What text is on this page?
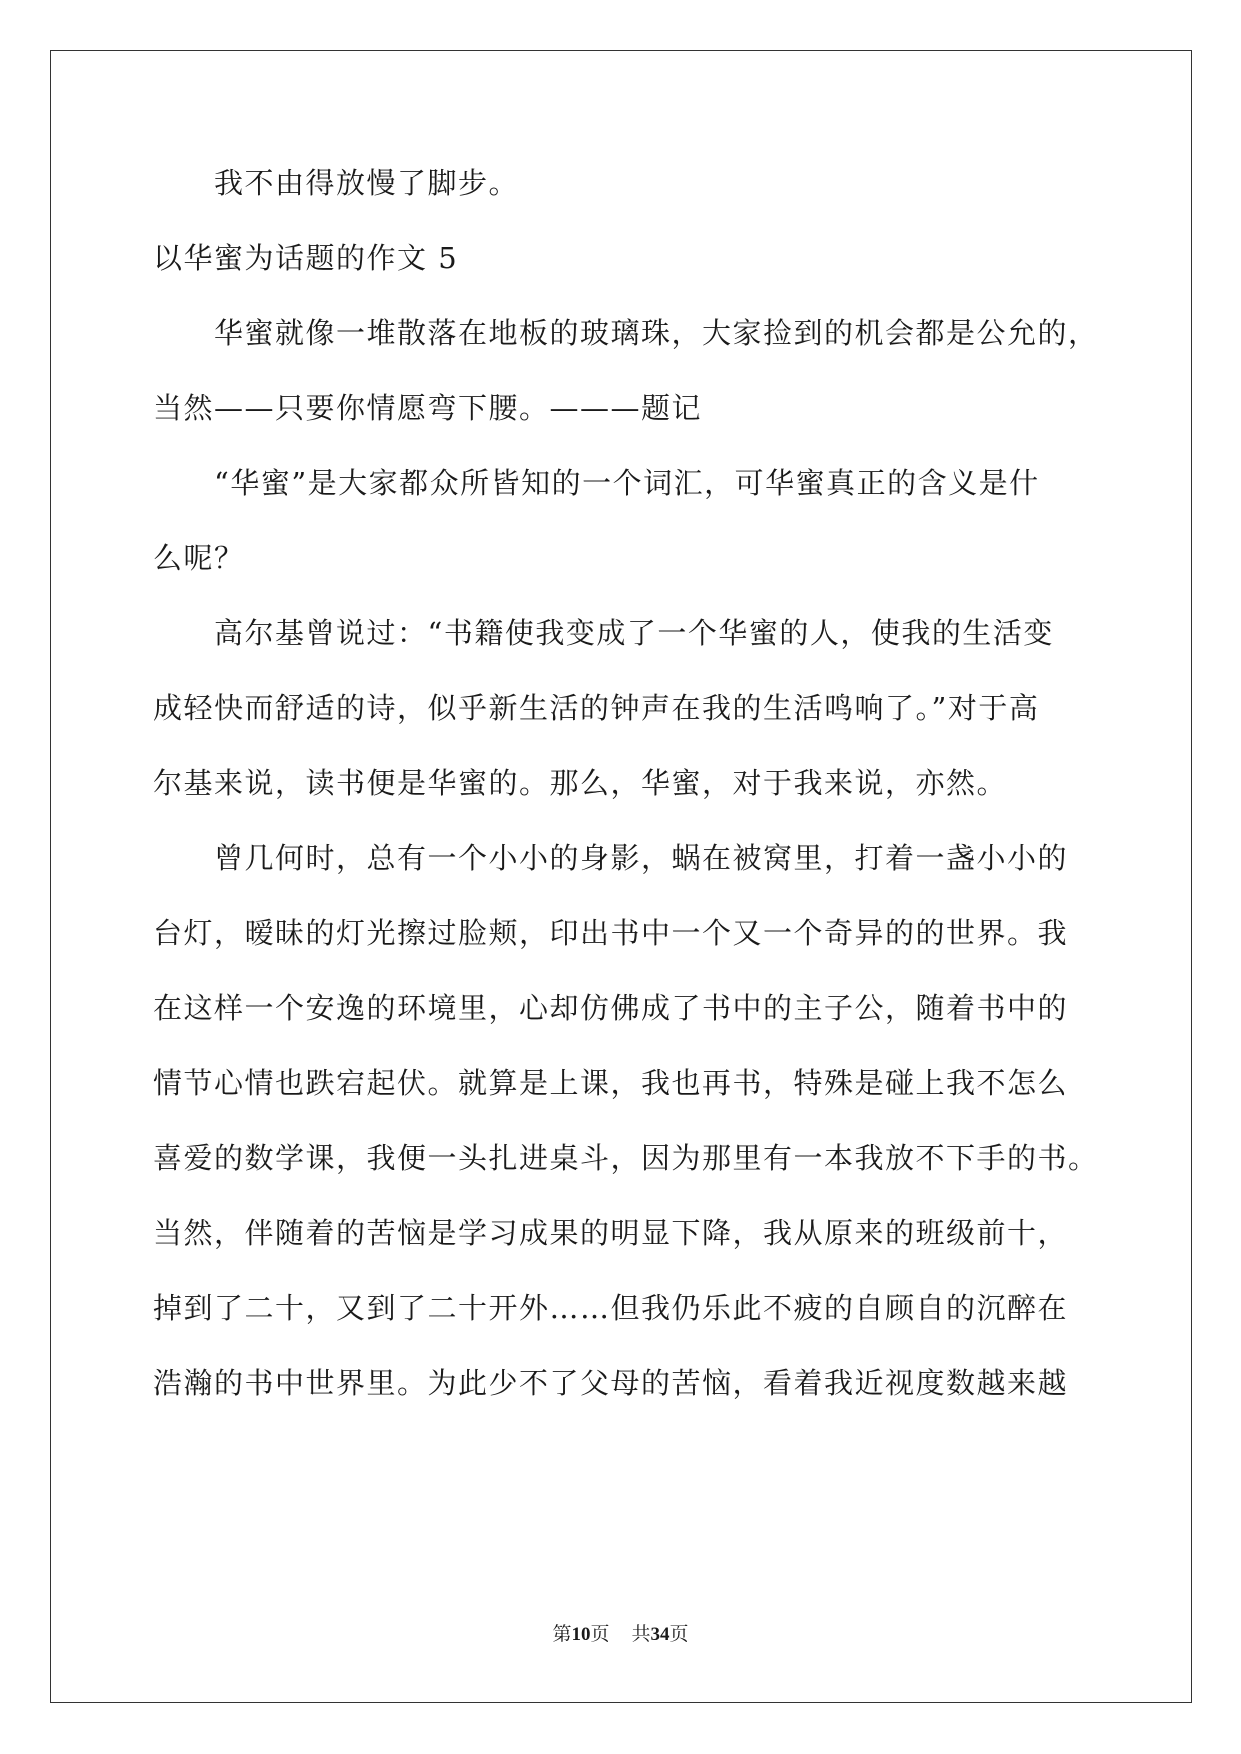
　　我不由得放慢了脚步。
以华蜜为话题的作文 5
　　华蜜就像一堆散落在地板的玻璃珠，大家捡到的机会都是公允的，
当然——只要你情愿弯下腰。———题记
　　“华蜜”是大家都众所皆知的一个词汇，可华蜜真正的含义是什
么呢？
　　高尔基曾说过：“书籍使我变成了一个华蜜的人，使我的生活变
成轻快而舒适的诗，似乎新生活的钟声在我的生活鸣响了。”对于高
尔基来说，读书便是华蜜的。那么，华蜜，对于我来说，亦然。
　　曾几何时，总有一个小小的身影，蜗在被窝里，打着一盏小小的
台灯，暧昧的灯光擦过脸颊，印出书中一个又一个奇异的的世界。我
在这样一个安逸的环境里，心却仿佛成了书中的主子公，随着书中的
情节心情也跌宕起伏。就算是上课，我也再书，特殊是碰上我不怎么
喜爱的数学课，我便一头扎进桌斗，因为那里有一本我放不下手的书。
当然，伴随着的苦恼是学习成果的明显下降，我从原来的班级前十，
掉到了二十，又到了二十开外……但我仍乐此不疲的自顾自的沉醉在
浩瀚的书中世界里。为此少不了父母的苦恼，看着我近视度数越来越
第10页 共34页
